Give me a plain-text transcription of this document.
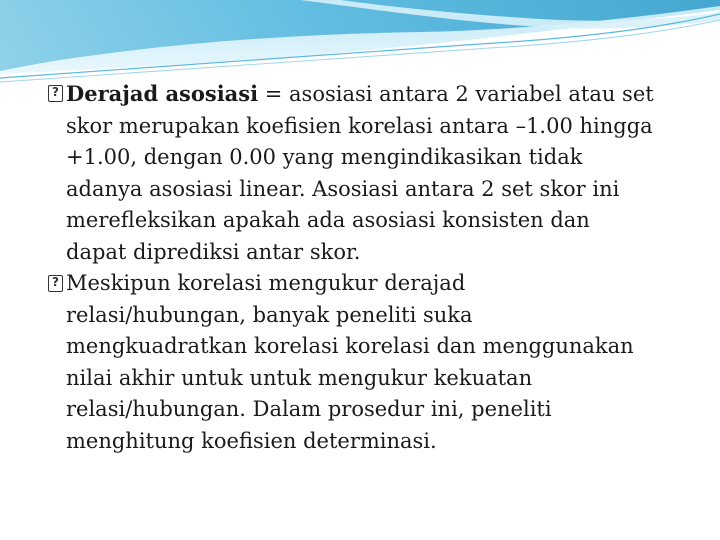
?
Derajad asosiasi = asosiasi antara 2 variabel atau set
skor merupakan koefisien korelasi antara –1.00 hingga
+1.00, dengan 0.00 yang mengindikasikan tidak
adanya asosiasi linear. Asosiasi antara 2 set skor ini
merefleksikan apakah ada asosiasi konsisten dan
dapat diprediksi antar skor.

?
Meskipun korelasi mengukur derajad
relasi/hubungan, banyak peneliti suka
mengkuadratkan korelasi korelasi dan menggunakan
nilai akhir untuk untuk mengukur kekuatan
relasi/hubungan. Dalam prosedur ini, peneliti
menghitung koefisien determinasi.
